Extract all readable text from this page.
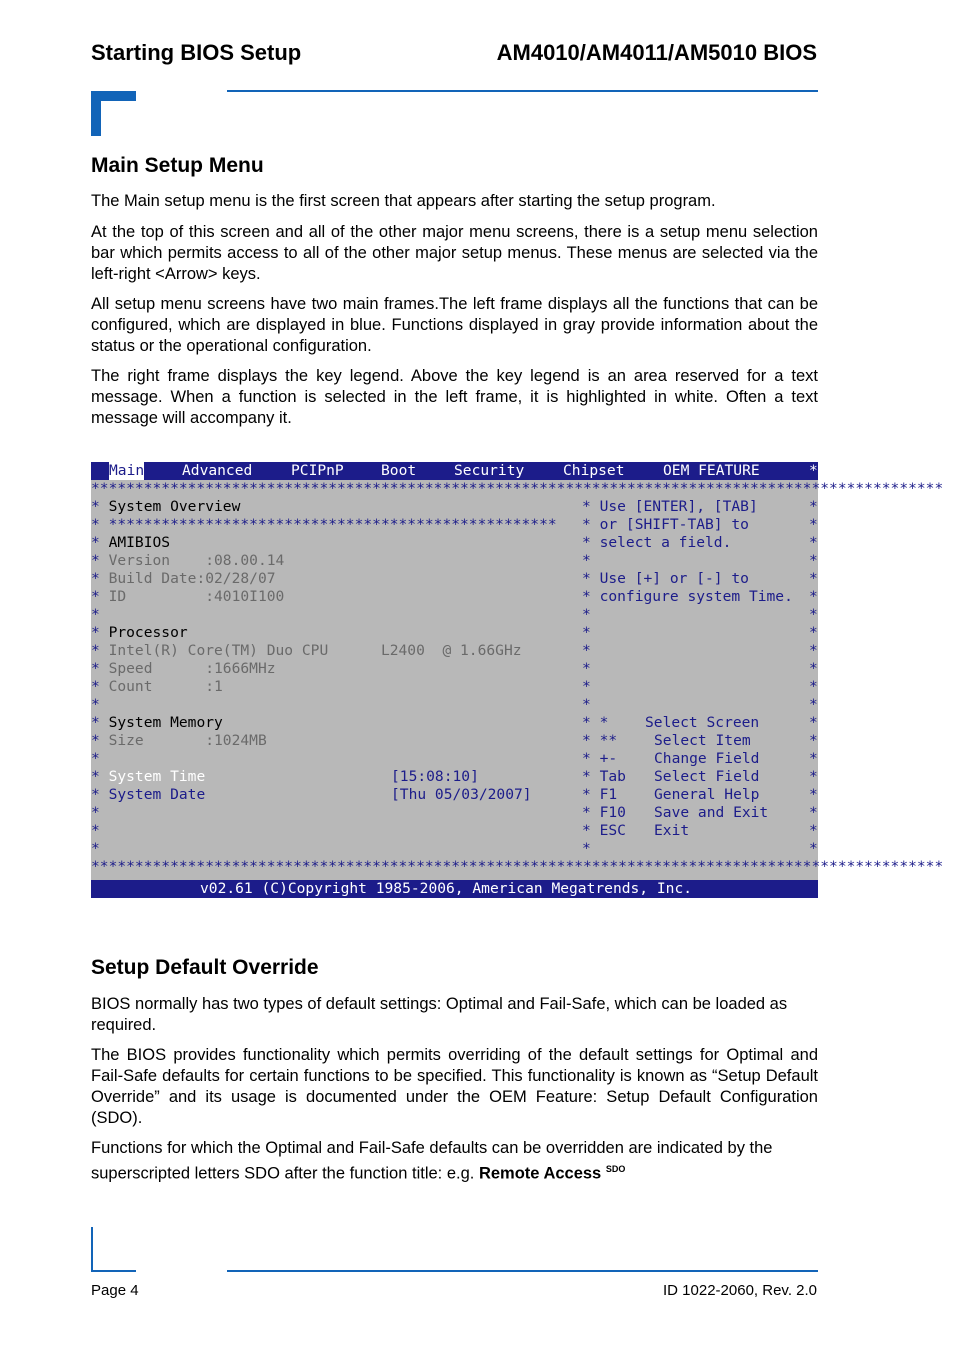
Starting BIOS Setup	AM4010/AM4011/AM5010 BIOS
Main Setup Menu

The Main setup menu is the first screen that appears after starting the setup program.

At the top of this screen and all of the other major menu screens, there is a setup menu selection bar which permits access to all of the other major setup menus. These menus are selected via the left-right <Arrow> keys.

All setup menu screens have two main frames.The left frame displays all the functions that can be configured, which are displayed in blue. Functions displayed in gray provide information about the status or the operational configuration.

The right frame displays the key legend. Above the key legend is an area reserved for a text message. When a function is selected in the left frame, it is highlighted in white. Often a text message will accompany it.

Main	Advanced	PCIPnP	Boot	Security	Chipset	OEM FEATURE	*
*************************************************************************************************
* System Overview
* ***************************************************
* AMIBIOS
* Version    :08.00.14
* Build Date:02/28/07
* ID         :4010I100
*
* Processor
* Intel(R) Core(TM) Duo CPU      L2400  @ 1.66GHz
* Speed      :1666MHz
* Count      :1
*
* System Memory
* Size       :1024MB
*
* System Time	[15:08:10]
* System Date	[Thu 05/03/2007]
*
*
*
* Use [ENTER], [TAB]
* or [SHIFT-TAB] to
* select a field.
*
* Use [+] or [-] to
* configure system Time.
*
*
*
*
*
*
* *	Select Screen
* **	Select Item
* +-	Change Field
* Tab Select Field
* F1	General Help
* F10 Save and Exit
* ESC Exit
*
*
*
*
*
*
*
*
*
*
*
*
*
*
*
*
*
*
*
*
*
*************************************************************************************************
v02.61 (C)Copyright 1985-2006, American Megatrends, Inc.
Setup Default Override

BIOS normally has two types of default settings: Optimal and Fail-Safe, which can be loaded as required.

The BIOS provides functionality which permits overriding of the default settings for Optimal and Fail-Safe defaults for certain functions to be specified. This functionality is known as “Setup Default Override” and its usage is documented under the OEM Feature: Setup Default Configuration (SDO).

Functions for which the Optimal and Fail-Safe defaults can be overridden are indicated by the superscripted letters SDO after the function title: e.g. Remote Access $^{SDO}$

Page 4	ID 1022-2060, Rev. 2.0
